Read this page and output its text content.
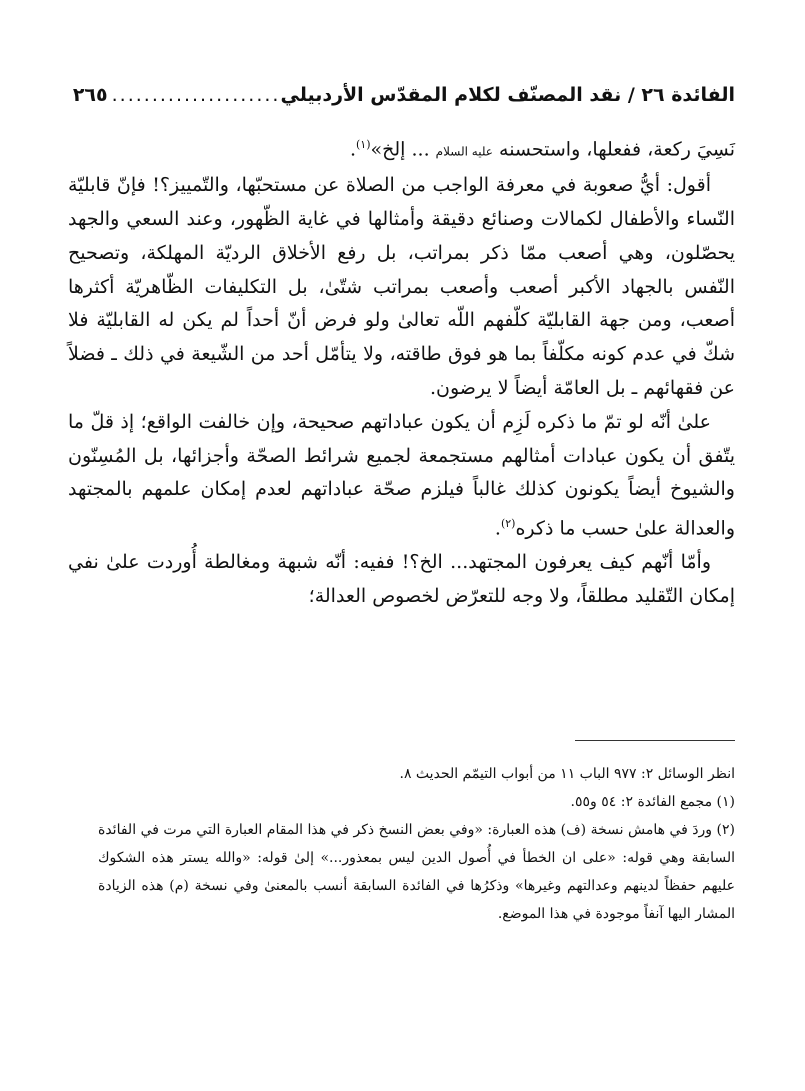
الفائدة ٢٦ / نقد المصنّف لكلام المقدّس الأردبيلي
.....................
٢٦٥

نَسِيَ ركعة، ففعلها، واستحسنه عليه السلام ... إلخ»$^{(١)}$.

أقول: أيُّ صعوبة في معرفة الواجب من الصلاة عن مستحبّها، والتّمييز؟! فإنّ قابليّة النّساء والأطفال لكمالات وصنائع دقيقة وأمثالها في غاية الظّهور، وعند السعي والجهد يحصّلون، وهي أصعب ممّا ذكر بمراتب، بل رفع الأخلاق الرديّة المهلكة، وتصحيح النّفس بالجهاد الأكبر أصعب وأصعب بمراتب شتّىٰ، بل التكليفات الظّاهريّة أكثرها أصعب، ومن جهة القابليّة كلّفهم اللّه تعالىٰ ولو فرض أنّ أحداً لم يكن له القابليّة فلا شكّ في عدم كونه مكلّفاً بما هو فوق طاقته، ولا يتأمّل أحد من الشّيعة في ذلك ـ فضلاً عن فقهائهم ـ بل العامّة أيضاً لا يرضون.

علىٰ أنّه لو تمّ ما ذكره لَزِم أن يكون عباداتهم صحيحة، وإن خالفت الواقع؛ إذ قلّ ما يتّفق أن يكون عبادات أمثالهم مستجمعة لجميع شرائط الصحّة وأجزائها، بل المُسِنّون والشيوخ أيضاً يكونون كذلك غالباً فيلزم صحّة عباداتهم لعدم إمكان علمهم بالمجتهد والعدالة علىٰ حسب ما ذكره$^{(٢)}$.

وأمّا أنّهم كيف يعرفون المجتهد... الخ؟! ففيه: أنّه شبهة ومغالطة أُوردت علىٰ نفي إمكان التّقليد مطلقاً، ولا وجه للتعرّض لخصوص العدالة؛

انظر الوسائل ٢: ٩٧٧ الباب ١١ من أبواب التيمّم الحديث ٨.

(١) مجمع الفائدة ٢: ٥٤ و٥٥.

(٢) وردَ في هامش نسخة (ف) هذه العبارة: «وفي بعض النسخ ذكر في هذا المقام العبارة التي مرت في الفائدة السابقة وهي قوله: «على ان الخطأ في أُصول الدين ليس بمعذور...» إلىٰ قوله: «والله يستر هذه الشكوك عليهم حفظاً لدينهم وعدالتهم وغيرها» وذكرُها في الفائدة السابقة أنسب بالمعنىٰ وفي نسخة (م) هذه الزيادة المشار اليها آنفاً موجودة في هذا الموضع.
